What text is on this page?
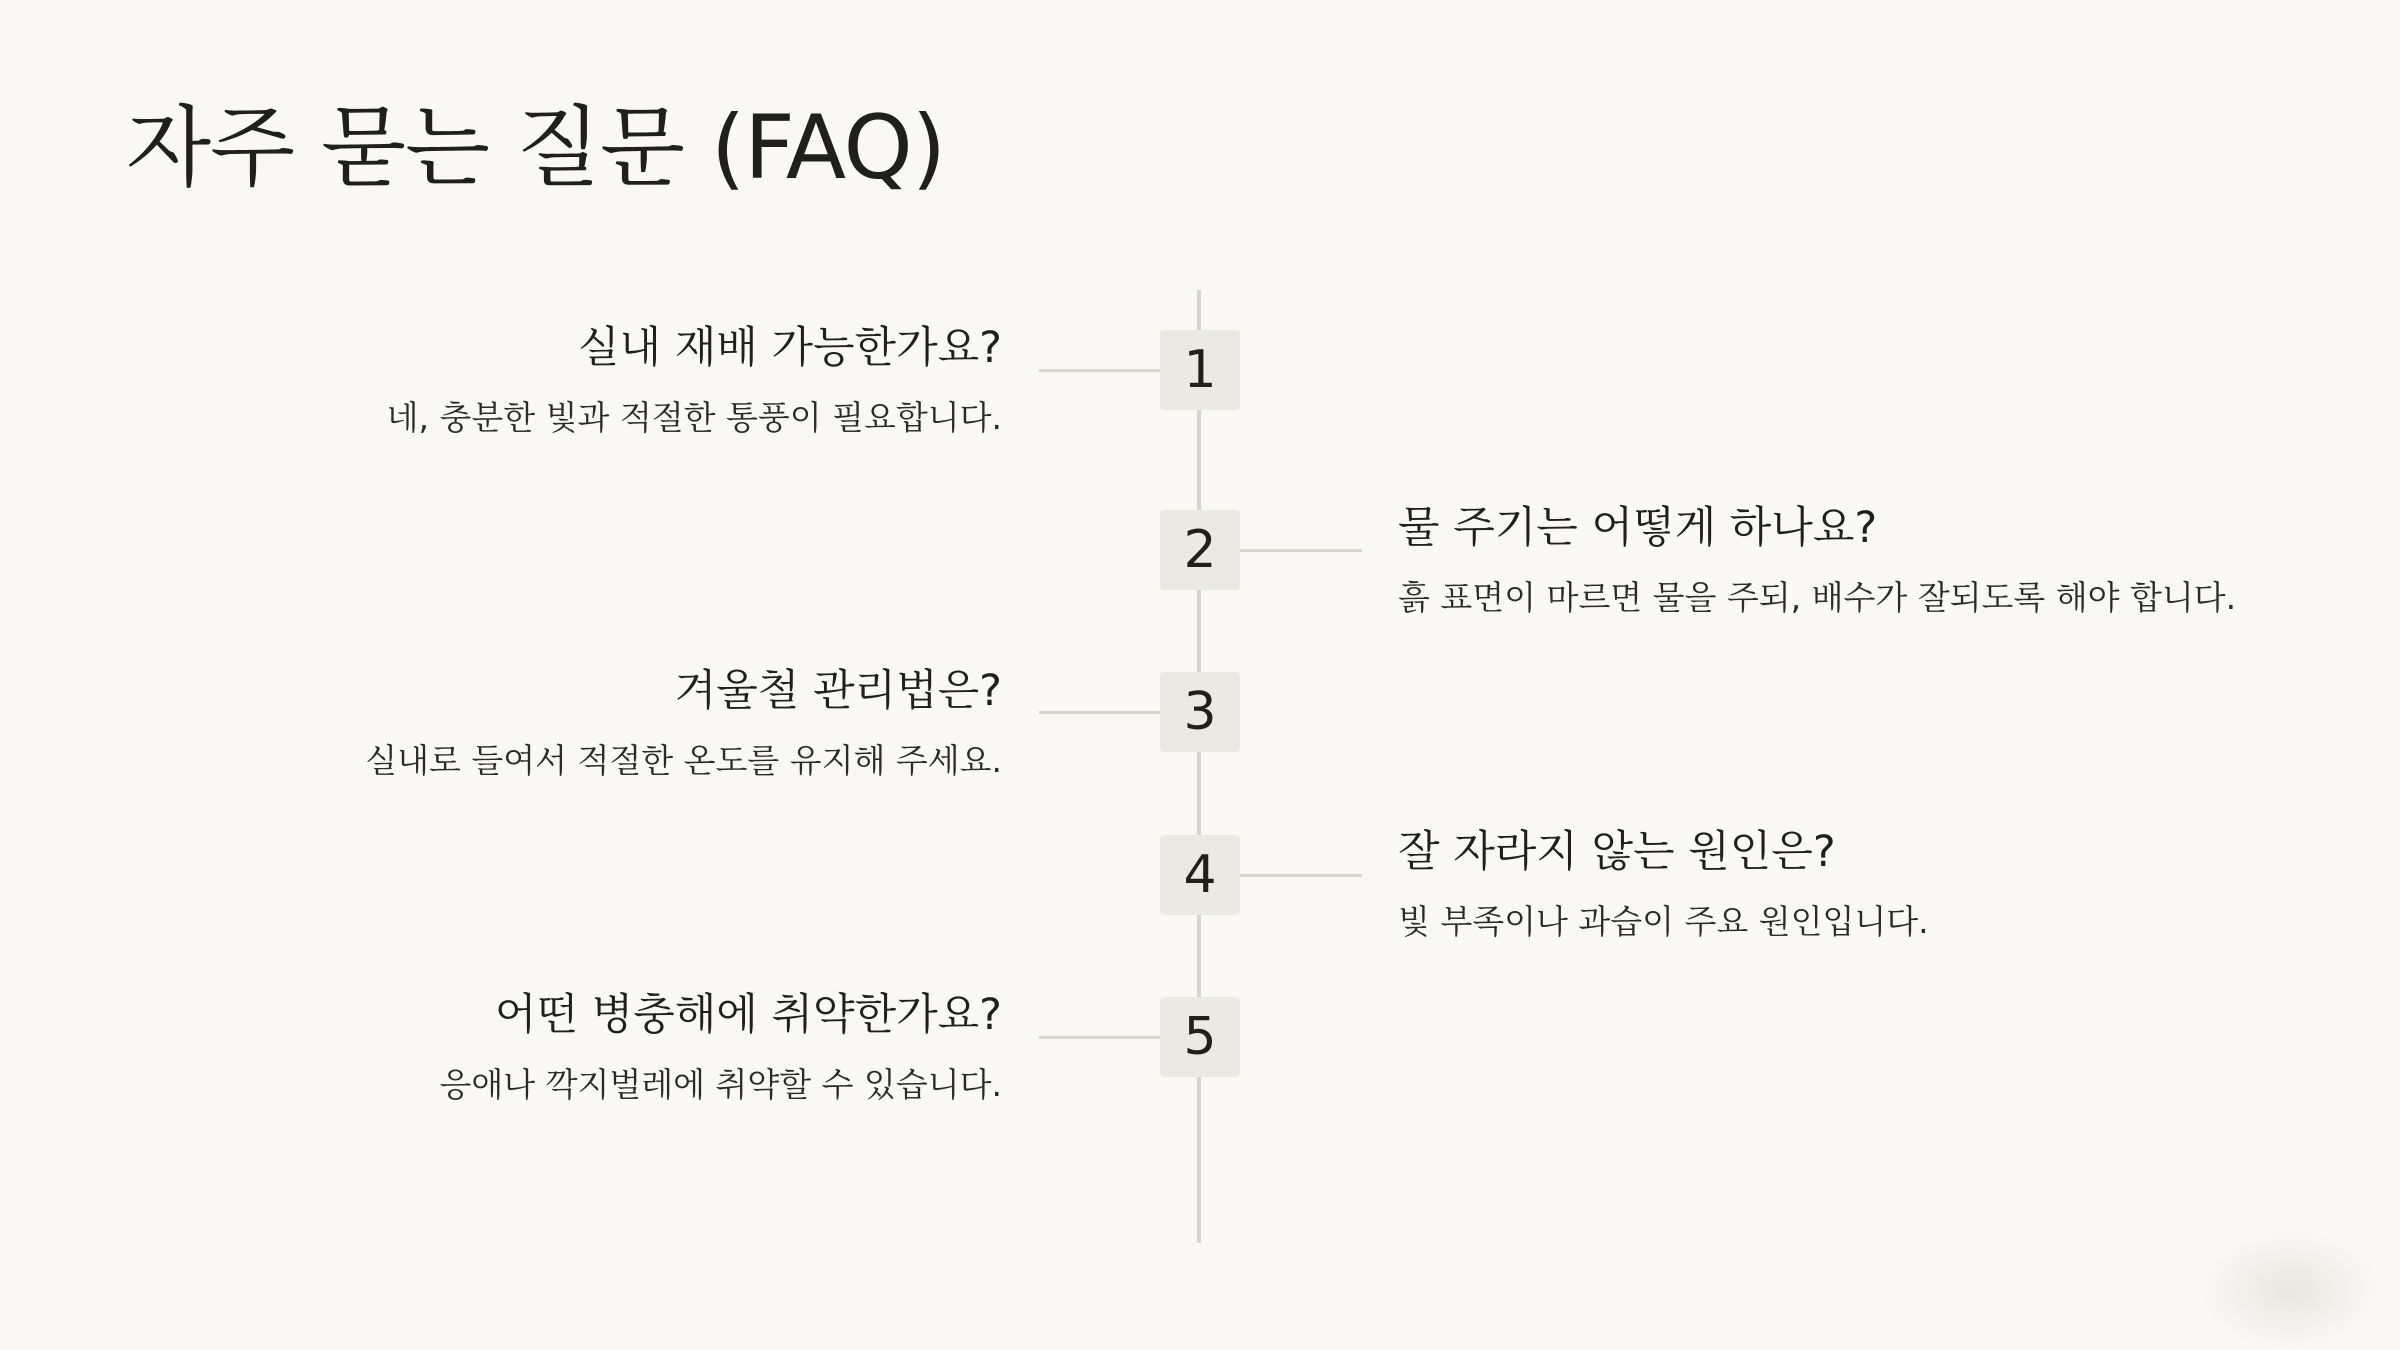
자주 묻는 질문 (FAQ)
실내 재배 가능한가요?
네, 충분한 빛과 적절한 통풍이 필요합니다.
1
물 주기는 어떻게 하나요?
흙 표면이 마르면 물을 주되, 배수가 잘되도록 해야 합니다.
2
겨울철 관리법은?
실내로 들여서 적절한 온도를 유지해 주세요.
3
잘 자라지 않는 원인은?
빛 부족이나 과습이 주요 원인입니다.
4
어떤 병충해에 취약한가요?
응애나 깍지벌레에 취약할 수 있습니다.
5
